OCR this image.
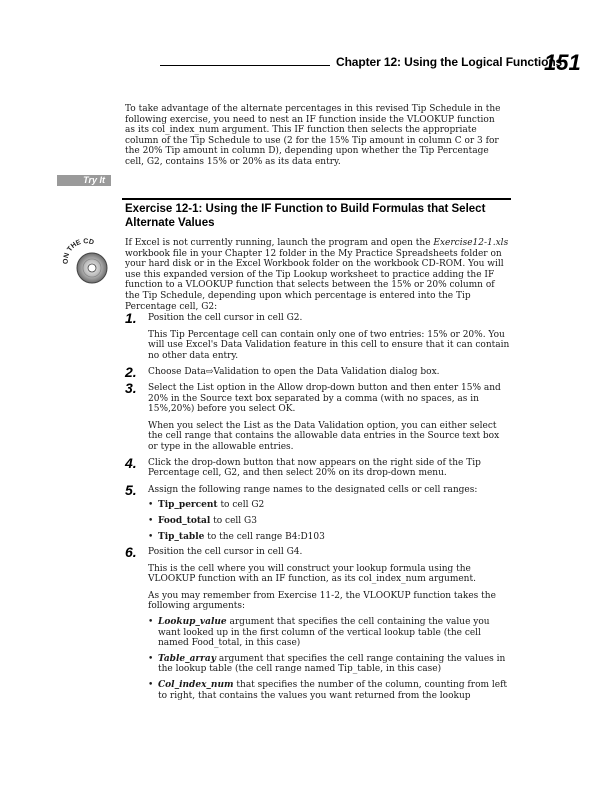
Chapter 12: Using the Logical Functions
151

To take advantage of the alternate percentages in this revised Tip Schedule in the following exercise, you need to nest an IF function inside the VLOOKUP function as its col_index_num argument. This IF function then selects the appropriate column of the Tip Schedule to use (2 for the 15% Tip amount in column C or 3 for the 20% Tip amount in column D), depending upon whether the Tip Percentage cell, G2, contains 15% or 20% as its data entry.

Try It
Exercise 12-1: Using the IF Function to Build Formulas that Select Alternate Values
ON THE CD	If Excel is not currently running, launch the program and open the Exercise12-1.xls workbook file in your Chapter 12 folder in the My Practice Spreadsheets folder on your hard disk or in the Excel Workbook folder on the workbook CD-ROM. You will use this expanded version of the Tip Lookup worksheet to practice adding the IF function to a VLOOKUP function that selects between the 15% or 20% column of the Tip Schedule, depending upon which percentage is entered into the Tip Percentage cell, G2:

1. Position the cell cursor in cell G2.

This Tip Percentage cell can contain only one of two entries: 15% or 20%. You will use Excel's Data Validation feature in this cell to ensure that it can contain no other data entry.

2. Choose Data⇨Validation to open the Data Validation dialog box.

3. Select the List option in the Allow drop-down button and then enter 15% and 20% in the Source text box separated by a comma (with no spaces, as in 15%,20%) before you select OK.

When you select the List as the Data Validation option, you can either select the cell range that contains the allowable data entries in the Source text box or type in the allowable entries.

4. Click the drop-down button that now appears on the right side of the Tip Percentage cell, G2, and then select 20% on its drop-down menu.

5. Assign the following range names to the designated cells or cell ranges:

• Tip_percent to cell G2
• Food_total to cell G3
• Tip_table to the cell range B4:D103
6. Position the cell cursor in cell G4.

This is the cell where you will construct your lookup formula using the VLOOKUP function with an IF function, as its col_index_num argument.

As you may remember from Exercise 11-2, the VLOOKUP function takes the following arguments:

• Lookup_value argument that specifies the cell containing the value you want looked up in the first column of the vertical lookup table (the cell named Food_total, in this case)
• Table_array argument that specifies the cell range containing the values in the lookup table (the cell range named Tip_table, in this case)
• Col_index_num that specifies the number of the column, counting from left to right, that contains the values you want returned from the lookup
